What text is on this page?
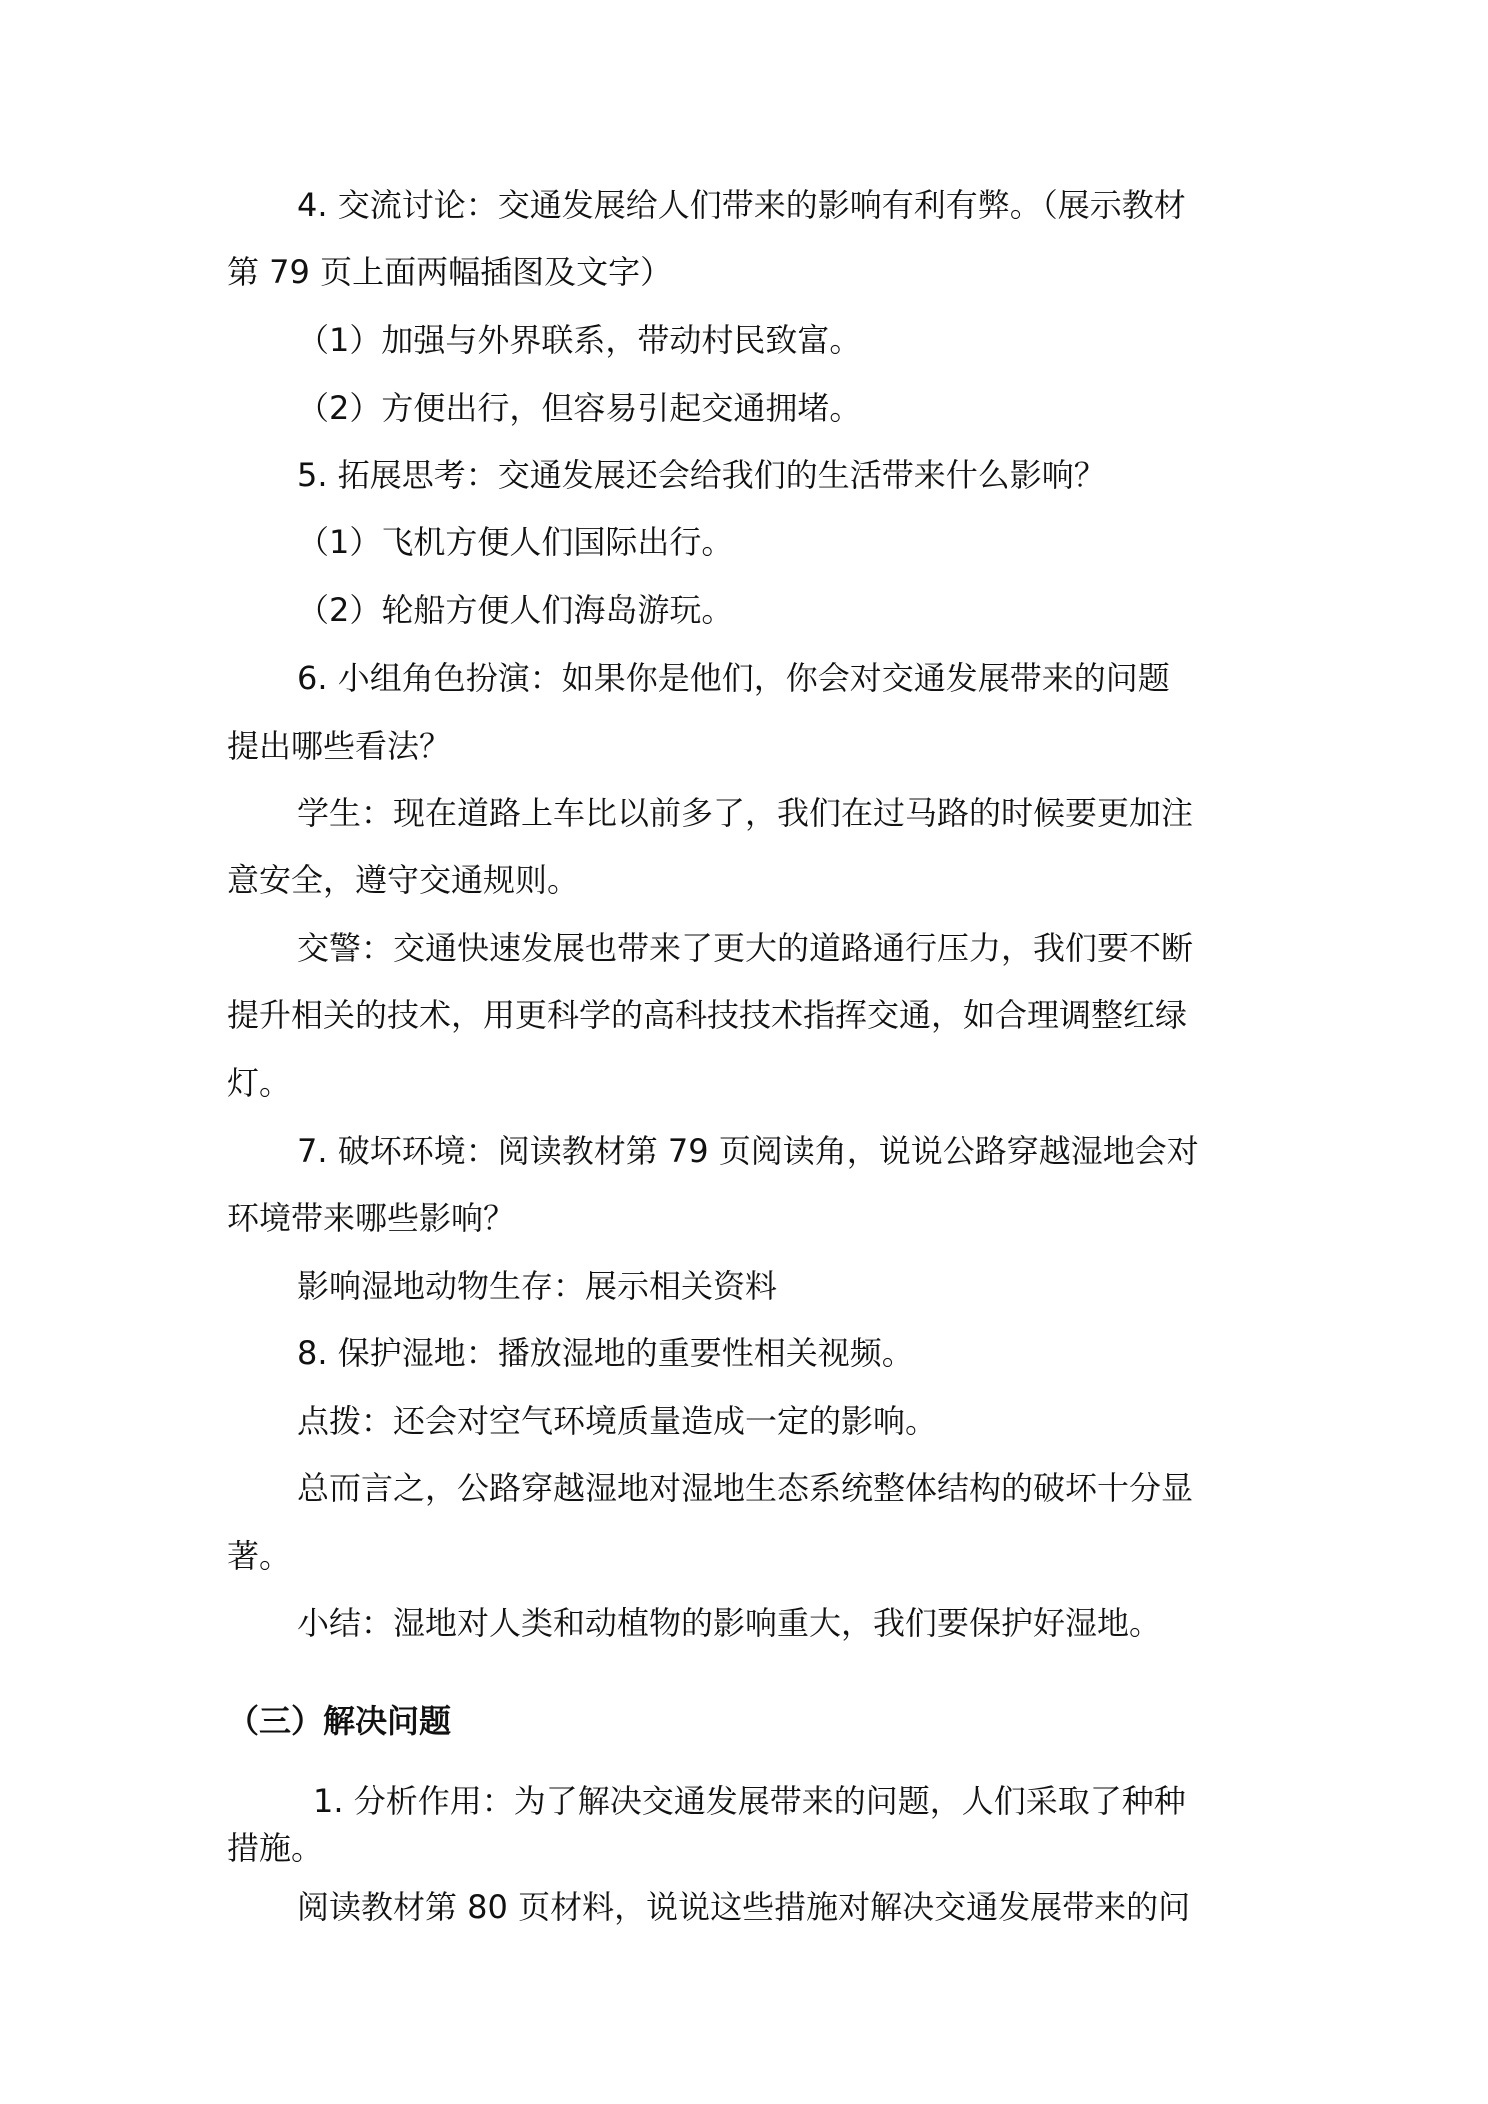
4. 交流讨论：交通发展给人们带来的影响有利有弊。（展示教材
第 79 页上面两幅插图及文字）
（1）加强与外界联系，带动村民致富。
（2）方便出行，但容易引起交通拥堵。
5. 拓展思考：交通发展还会给我们的生活带来什么影响？
（1）飞机方便人们国际出行。
（2）轮船方便人们海岛游玩。
6. 小组角色扮演：如果你是他们，你会对交通发展带来的问题
提出哪些看法？
学生：现在道路上车比以前多了，我们在过马路的时候要更加注
意安全，遵守交通规则。
交警：交通快速发展也带来了更大的道路通行压力，我们要不断
提升相关的技术，用更科学的高科技技术指挥交通，如合理调整红绿
灯。
7. 破坏环境：阅读教材第 79 页阅读角，说说公路穿越湿地会对
环境带来哪些影响？
影响湿地动物生存：展示相关资料
8. 保护湿地：播放湿地的重要性相关视频。
点拨：还会对空气环境质量造成一定的影响。
总而言之，公路穿越湿地对湿地生态系统整体结构的破坏十分显
著。
小结：湿地对人类和动植物的影响重大，我们要保护好湿地。
（三）解决问题
1. 分析作用：为了解决交通发展带来的问题，人们采取了种种
措施。
阅读教材第 80 页材料，说说这些措施对解决交通发展带来的问
